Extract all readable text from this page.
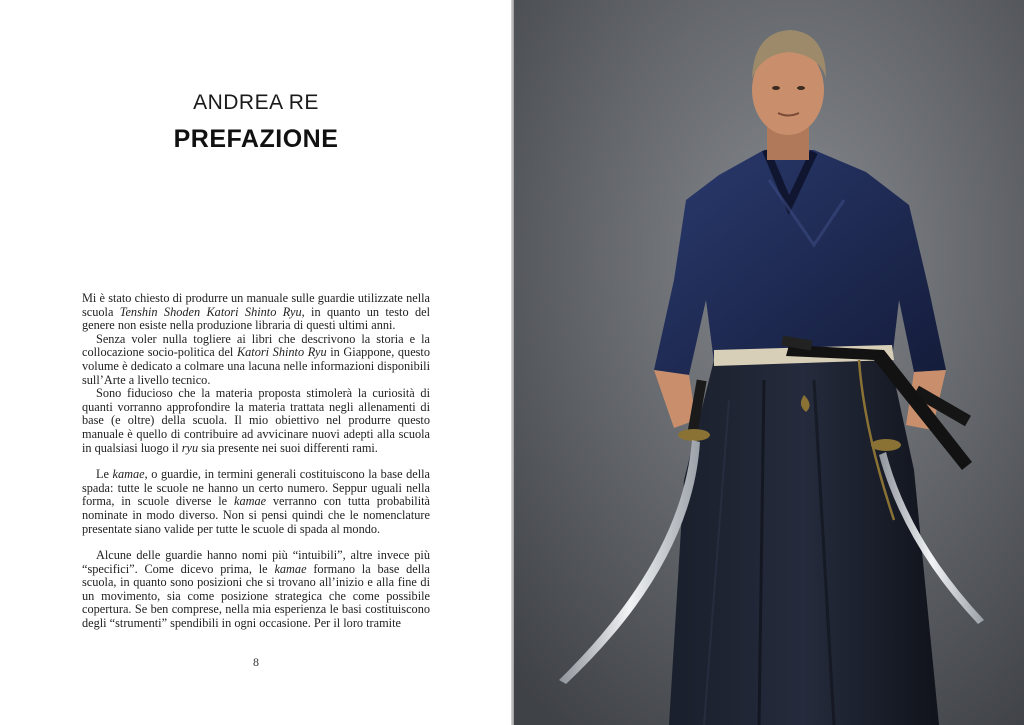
ANDREA RE
PREFAZIONE

Mi è stato chiesto di produrre un manuale sulle guardie utilizzate nella scuola Tenshin Shoden Katori Shinto Ryu, in quanto un testo del genere non esiste nella produzione libraria di questi ultimi anni.

Senza voler nulla togliere ai libri che descrivono la storia e la collocazione socio-politica del Katori Shinto Ryu in Giappone, questo volume è dedicato a colmare una lacuna nelle informazioni disponibili sull’Arte a livello tecnico.

Sono fiducioso che la materia proposta stimolerà la curiosità di quanti vorranno approfondire la materia trattata negli allenamenti di base (e oltre) della scuola. Il mio obiettivo nel produrre questo manuale è quello di contribuire ad avvicinare nuovi adepti alla scuola in qualsiasi luogo il ryu sia presente nei suoi differenti rami.

Le kamae, o guardie, in termini generali costituiscono la base della spada: tutte le scuole ne hanno un certo numero. Seppur uguali nella forma, in scuole diverse le kamae verranno con tutta probabilità nominate in modo diverso. Non si pensi quindi che le nomenclature presentate siano valide per tutte le scuole di spada al mondo.

Alcune delle guardie hanno nomi più “intuibili”, altre invece più “specifici”. Come dicevo prima, le kamae formano la base della scuola, in quanto sono posizioni che si trovano all’inizio e alla fine di un movimento, sia come posizione strategica che come possibile copertura. Se ben comprese, nella mia esperienza le basi costituiscono degli “strumenti” spendibili in ogni occasione. Per il loro tramite

8
